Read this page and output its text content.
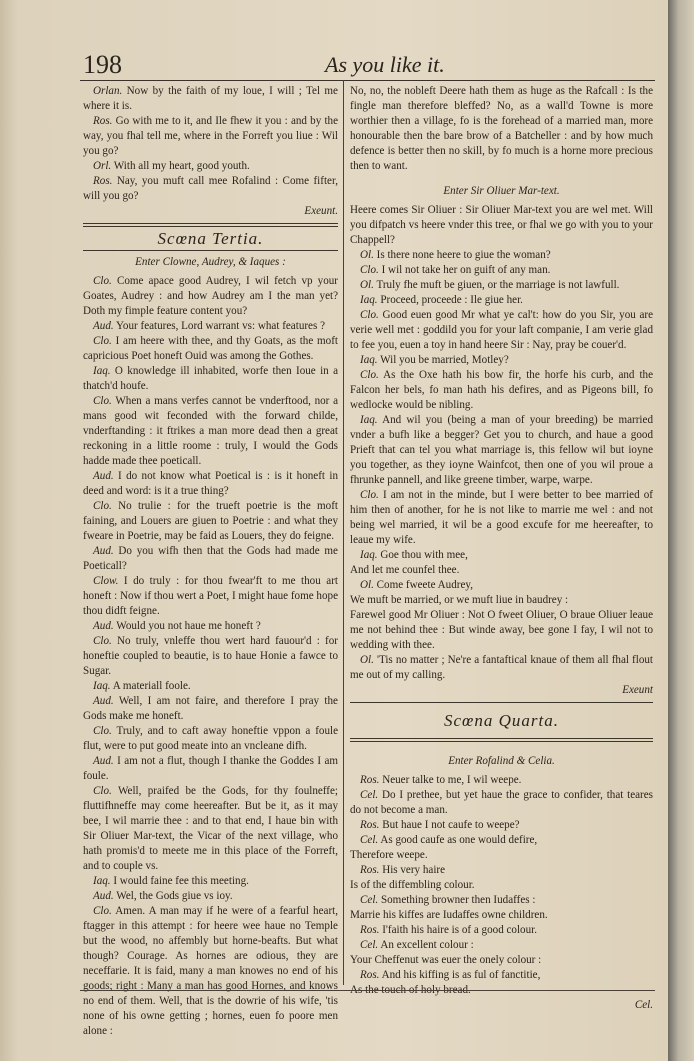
198	As you like it.

Orlan. Now by the faith of my loue, I will ; Tel me where it is.

Ros. Go with me to it, and Ile fhew it you : and by the way, you fhal tell me, where in the Forreft you liue : Wil you go?

Orl. With all my heart, good youth.

Ros. Nay, you muft call mee Rofalind : Come fifter, will you go?

Exeunt.
Scœna Tertia.
Enter Clowne, Audrey, & Iaques :

Clo. Come apace good Audrey, I wil fetch vp your Goates, Audrey : and how Audrey am I the man yet? Doth my fimple feature content you?

Aud. Your features, Lord warrant vs: what features ?

Clo. I am heere with thee, and thy Goats, as the moft capricious Poet honeft Ouid was among the Gothes.

Iaq. O knowledge ill inhabited, worfe then Ioue in a thatch'd houfe.

Clo. When a mans verfes cannot be vnderftood, nor a mans good wit feconded with the forward childe, vnderftanding : it ftrikes a man more dead then a great reckoning in a little roome : truly, I would the Gods hadde made thee poeticall.

Aud. I do not know what Poetical is : is it honeft in deed and word: is it a true thing?

Clo. No trulie : for the trueft poetrie is the moft faining, and Louers are giuen to Poetrie : and what they fweare in Poetrie, may be faid as Louers, they do feigne.

Aud. Do you wifh then that the Gods had made me Poeticall?

Clow. I do truly : for thou fwear'ft to me thou art honeft : Now if thou wert a Poet, I might haue fome hope thou didft feigne.

Aud. Would you not haue me honeft ?

Clo. No truly, vnleffe thou wert hard fauour'd : for honeftie coupled to beautie, is to haue Honie a fawce to Sugar.

Iaq. A materiall foole.

Aud. Well, I am not faire, and therefore I pray the Gods make me honeft.

Clo. Truly, and to caft away honeftie vppon a foule flut, were to put good meate into an vncleane difh.

Aud. I am not a flut, though I thanke the Goddes I am foule.

Clo. Well, praifed be the Gods, for thy foulneffe; fluttifhneffe may come heereafter. But be it, as it may bee, I wil marrie thee : and to that end, I haue bin with Sir Oliuer Mar-text, the Vicar of the next village, who hath promis'd to meete me in this place of the Forreft, and to couple vs.

Iaq. I would faine fee this meeting.

Aud. Wel, the Gods giue vs ioy.

Clo. Amen. A man may if he were of a fearful heart, ftagger in this attempt : for heere wee haue no Temple but the wood, no affembly but horne-beafts. But what though? Courage. As hornes are odious, they are neceffarie. It is faid, many a man knowes no end of his goods; right : Many a man has good Hornes, and knows no end of them. Well, that is the dowrie of his wife, 'tis none of his owne getting ; hornes, euen fo poore men alone :

No, no, the nobleft Deere hath them as huge as the Rafcall : Is the fingle man therefore bleffed? No, as a wall'd Towne is more worthier then a village, fo is the forehead of a married man, more honourable then the bare brow of a Batcheller : and by how much defence is better then no skill, by fo much is a horne more precious then to want.

Enter Sir Oliuer Mar-text.

Heere comes Sir Oliuer : Sir Oliuer Mar-text you are wel met. Will you difpatch vs heere vnder this tree, or fhal we go with you to your Chappell?

Ol. Is there none heere to giue the woman?

Clo. I wil not take her on guift of any man.

Ol. Truly fhe muft be giuen, or the marriage is not lawfull.

Iaq. Proceed, proceede : Ile giue her.

Clo. Good euen good Mr what ye cal't: how do you Sir, you are verie well met : goddild you for your laft companie, I am verie glad to fee you, euen a toy in hand heere Sir : Nay, pray be couer'd.

Iaq. Wil you be married, Motley?

Clo. As the Oxe hath his bow fir, the horfe his curb, and the Falcon her bels, fo man hath his defires, and as Pigeons bill, fo wedlocke would be nibling.

Iaq. And wil you (being a man of your breeding) be married vnder a bufh like a begger? Get you to church, and haue a good Prieft that can tel you what marriage is, this fellow wil but ioyne you together, as they ioyne Wainfcot, then one of you wil proue a fhrunke pannell, and like greene timber, warpe, warpe.

Clo. I am not in the minde, but I were better to bee married of him then of another, for he is not like to marrie me wel : and not being wel married, it wil be a good excufe for me heereafter, to leaue my wife.

Iaq. Goe thou with mee,

And let me counfel thee.

Ol. Come fweete Audrey,

We muft be married, or we muft liue in baudrey :

Farewel good Mr Oliuer : Not O fweet Oliuer, O braue Oliuer leaue me not behind thee : But winde away, bee gone I fay, I wil not to wedding with thee.

Ol. 'Tis no matter ; Ne're a fantaftical knaue of them all fhal flout me out of my calling.

Exeunt
Scœna Quarta.
Enter Rofalind & Celia.

Ros. Neuer talke to me, I wil weepe.

Cel. Do I prethee, but yet haue the grace to confider, that teares do not become a man.

Ros. But haue I not caufe to weepe?

Cel. As good caufe as one would defire,

Therefore weepe.

Ros. His very haire

Is of the diffembling colour.

Cel. Something browner then Iudaffes :

Marrie his kiffes are Iudaffes owne children.

Ros. I'faith his haire is of a good colour.

Cel. An excellent colour :

Your Cheffenut was euer the onely colour :

Ros. And his kiffing is as ful of fanctitie,

As the touch of holy bread.

Cel.
